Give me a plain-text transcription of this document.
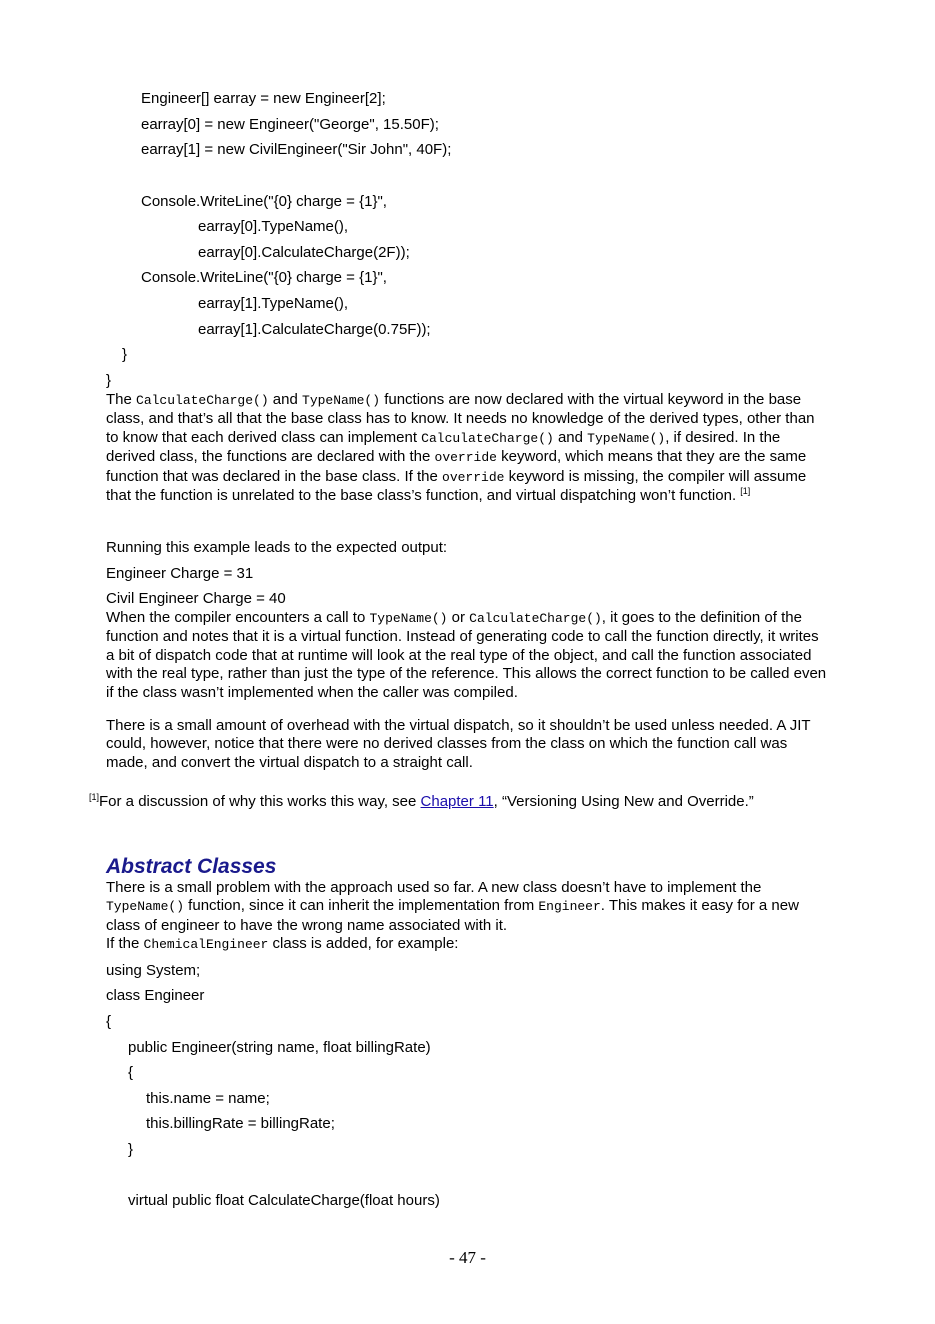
Engineer[] earray = new Engineer[2];
earray[0] = new Engineer("George", 15.50F);
earray[1] = new CivilEngineer("Sir John", 40F);
Console.WriteLine("{0} charge = {1}",
earray[0].TypeName(),
earray[0].CalculateCharge(2F));
Console.WriteLine("{0} charge = {1}",
earray[1].TypeName(),
earray[1].CalculateCharge(0.75F));
}
}

The CalculateCharge() and TypeName() functions are now declared with the virtual keyword in the base class, and that’s all that the base class has to know. It needs no knowledge of the derived types, other than to know that each derived class can implement CalculateCharge() and TypeName(), if desired. In the derived class, the functions are declared with the override keyword, which means that they are the same function that was declared in the base class. If the override keyword is missing, the compiler will assume that the function is unrelated to the base class’s function, and virtual dispatching won’t function. [1]

Running this example leads to the expected output:
Engineer Charge = 31
Civil Engineer Charge = 40

When the compiler encounters a call to TypeName() or CalculateCharge(), it goes to the definition of the function and notes that it is a virtual function. Instead of generating code to call the function directly, it writes a bit of dispatch code that at runtime will look at the real type of the object, and call the function associated with the real type, rather than just the type of the reference. This allows the correct function to be called even if the class wasn’t implemented when the caller was compiled.

There is a small amount of overhead with the virtual dispatch, so it shouldn’t be used unless needed. A JIT could, however, notice that there were no derived classes from the class on which the function call was made, and convert the virtual dispatch to a straight call.

[1]For a discussion of why this works this way, see Chapter 11, “Versioning Using New and Override.”
Abstract Classes

There is a small problem with the approach used so far. A new class doesn’t have to implement the TypeName() function, since it can inherit the implementation from Engineer. This makes it easy for a new class of engineer to have the wrong name associated with it.

If the ChemicalEngineer class is added, for example:

using System;
class Engineer
{
public Engineer(string name, float billingRate)
{
this.name = name;
this.billingRate = billingRate;
}
virtual public float CalculateCharge(float hours)
- 47 -
